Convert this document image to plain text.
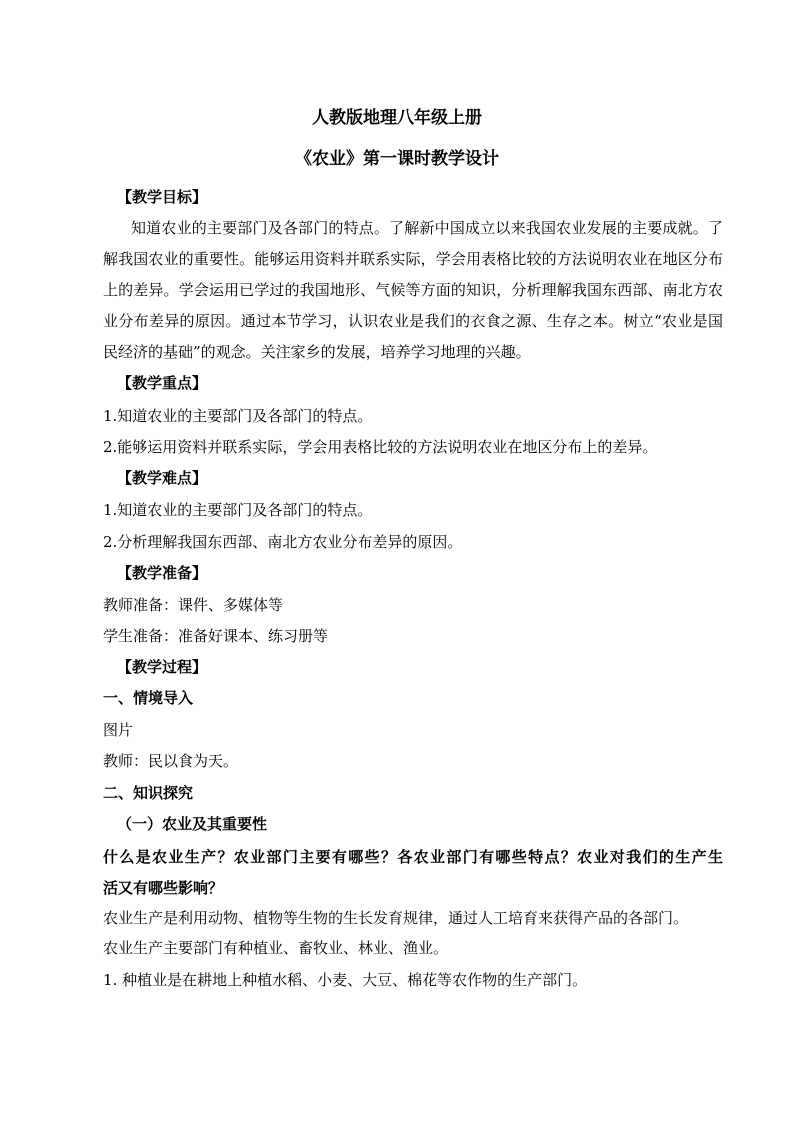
人教版地理八年级上册
《农业》第一课时教学设计
【教学目标】
知道农业的主要部门及各部门的特点。了解新中国成立以来我国农业发展的主要成就。了
解我国农业的重要性。能够运用资料并联系实际，学会用表格比较的方法说明农业在地区分布
上的差异。学会运用已学过的我国地形、气候等方面的知识，分析理解我国东西部、南北方农
业分布差异的原因。通过本节学习，认识农业是我们的衣食之源、生存之本。树立“农业是国
民经济的基础”的观念。关注家乡的发展，培养学习地理的兴趣。
【教学重点】
1.知道农业的主要部门及各部门的特点。
2.能够运用资料并联系实际，学会用表格比较的方法说明农业在地区分布上的差异。
【教学难点】
1.知道农业的主要部门及各部门的特点。
2.分析理解我国东西部、南北方农业分布差异的原因。
【教学准备】
教师准备：课件、多媒体等
学生准备：准备好课本、练习册等
【教学过程】
一、情境导入
图片
教师：民以食为天。
二、知识探究
（一）农业及其重要性
什么是农业生产？农业部门主要有哪些？各农业部门有哪些特点？农业对我们的生产生
活又有哪些影响？
农业生产是利用动物、植物等生物的生长发育规律，通过人工培育来获得产品的各部门。
农业生产主要部门有种植业、畜牧业、林业、渔业。
1. 种植业是在耕地上种植水稻、小麦、大豆、棉花等农作物的生产部门。
